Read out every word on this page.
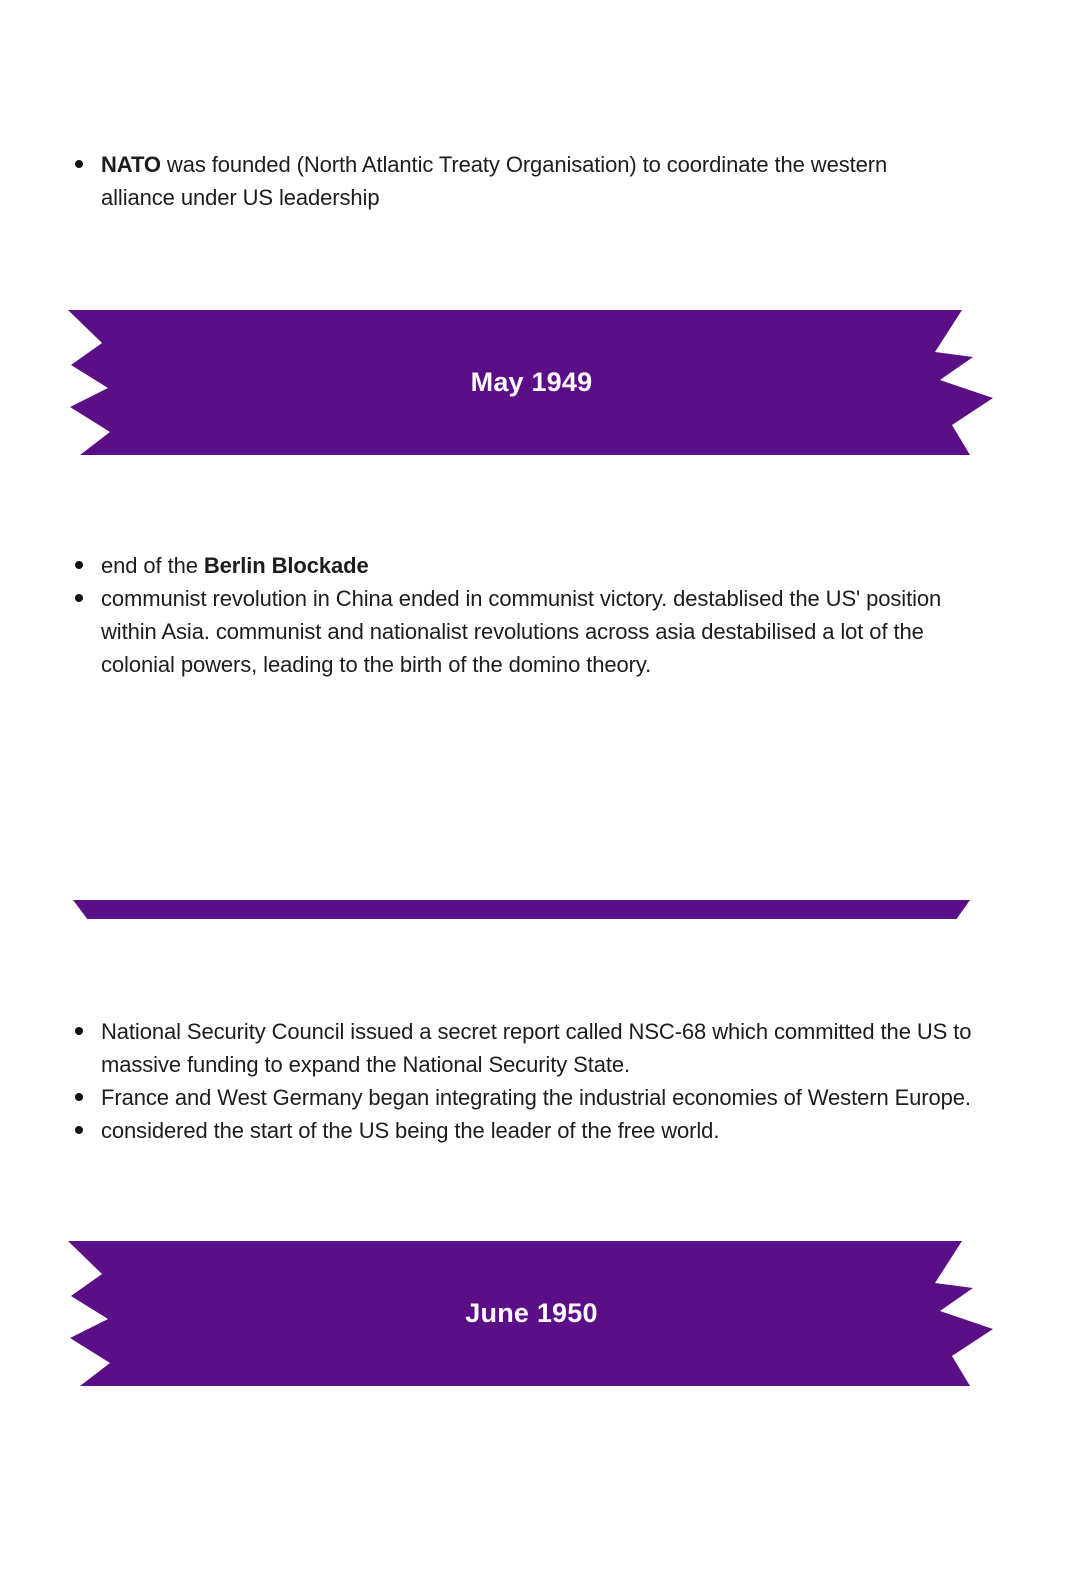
NATO was founded (North Atlantic Treaty Organisation) to coordinate the western alliance under US leadership
May 1949
end of the Berlin Blockade
communist revolution in China ended in communist victory. destablised the US' position within Asia. communist and nationalist revolutions across asia destabilised a lot of the colonial powers, leading to the birth of the domino theory.
National Security Council issued a secret report called NSC-68 which committed the US to massive funding to expand the National Security State.
France and West Germany began integrating the industrial economies of Western Europe.
considered the start of the US being the leader of the free world.
June 1950
